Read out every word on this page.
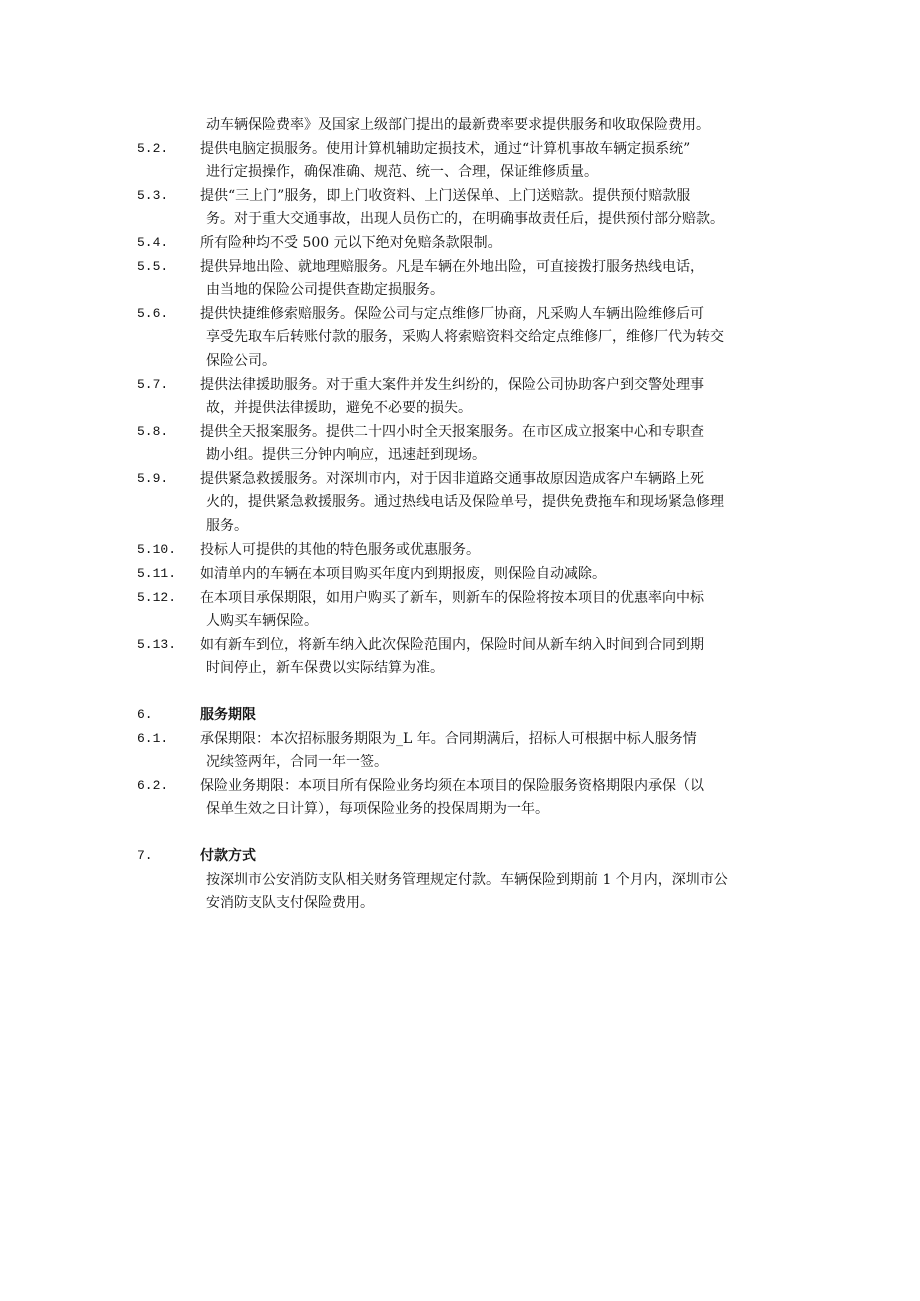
动车辆保险费率》及国家上级部门提出的最新费率要求提供服务和收取保险费用。
5.2. 提供电脑定损服务。使用计算机辅助定损技术，通过“计算机事故车辆定损系统”
进行定损操作，确保准确、规范、统一、合理，保证维修质量。
5.3. 提供“三上门”服务，即上门收资料、上门送保单、上门送赔款。提供预付赔款服
务。对于重大交通事故，出现人员伤亡的，在明确事故责任后，提供预付部分赔款。
5.4. 所有险种均不受 500 元以下绝对免赔条款限制。
5.5. 提供异地出险、就地理赔服务。凡是车辆在外地出险，可直接拨打服务热线电话，
由当地的保险公司提供查勘定损服务。
5.6. 提供快捷维修索赔服务。保险公司与定点维修厂协商，凡采购人车辆出险维修后可
享受先取车后转账付款的服务，采购人将索赔资料交给定点维修厂，维修厂代为转交
保险公司。
5.7. 提供法律援助服务。对于重大案件并发生纠纷的，保险公司协助客户到交警处理事
故，并提供法律援助，避免不必要的损失。
5.8. 提供全天报案服务。提供二十四小时全天报案服务。在市区成立报案中心和专职查
勘小组。提供三分钟内响应，迅速赶到现场。
5.9. 提供紧急救援服务。对深圳市内，对于因非道路交通事故原因造成客户车辆路上死
火的，提供紧急救援服务。通过热线电话及保险单号，提供免费拖车和现场紧急修理
服务。
5.10. 投标人可提供的其他的特色服务或优惠服务。
5.11. 如清单内的车辆在本项目购买年度内到期报废，则保险自动减除。
5.12. 在本项目承保期限，如用户购买了新车，则新车的保险将按本项目的优惠率向中标
人购买车辆保险。
5.13. 如有新车到位，将新车纳入此次保险范围内，保险时间从新车纳入时间到合同到期
时间停止，新车保费以实际结算为准。
6.	服务期限
6.1. 承保期限：本次招标服务期限为_L 年。合同期满后，招标人可根据中标人服务情
况续签两年，合同一年一签。
6.2. 保险业务期限：本项目所有保险业务均须在本项目的保险服务资格期限内承保（以
保单生效之日计算），每项保险业务的投保周期为一年。
7.	付款方式
按深圳市公安消防支队相关财务管理规定付款。车辆保险到期前 1 个月内，深圳市公
安消防支队支付保险费用。
